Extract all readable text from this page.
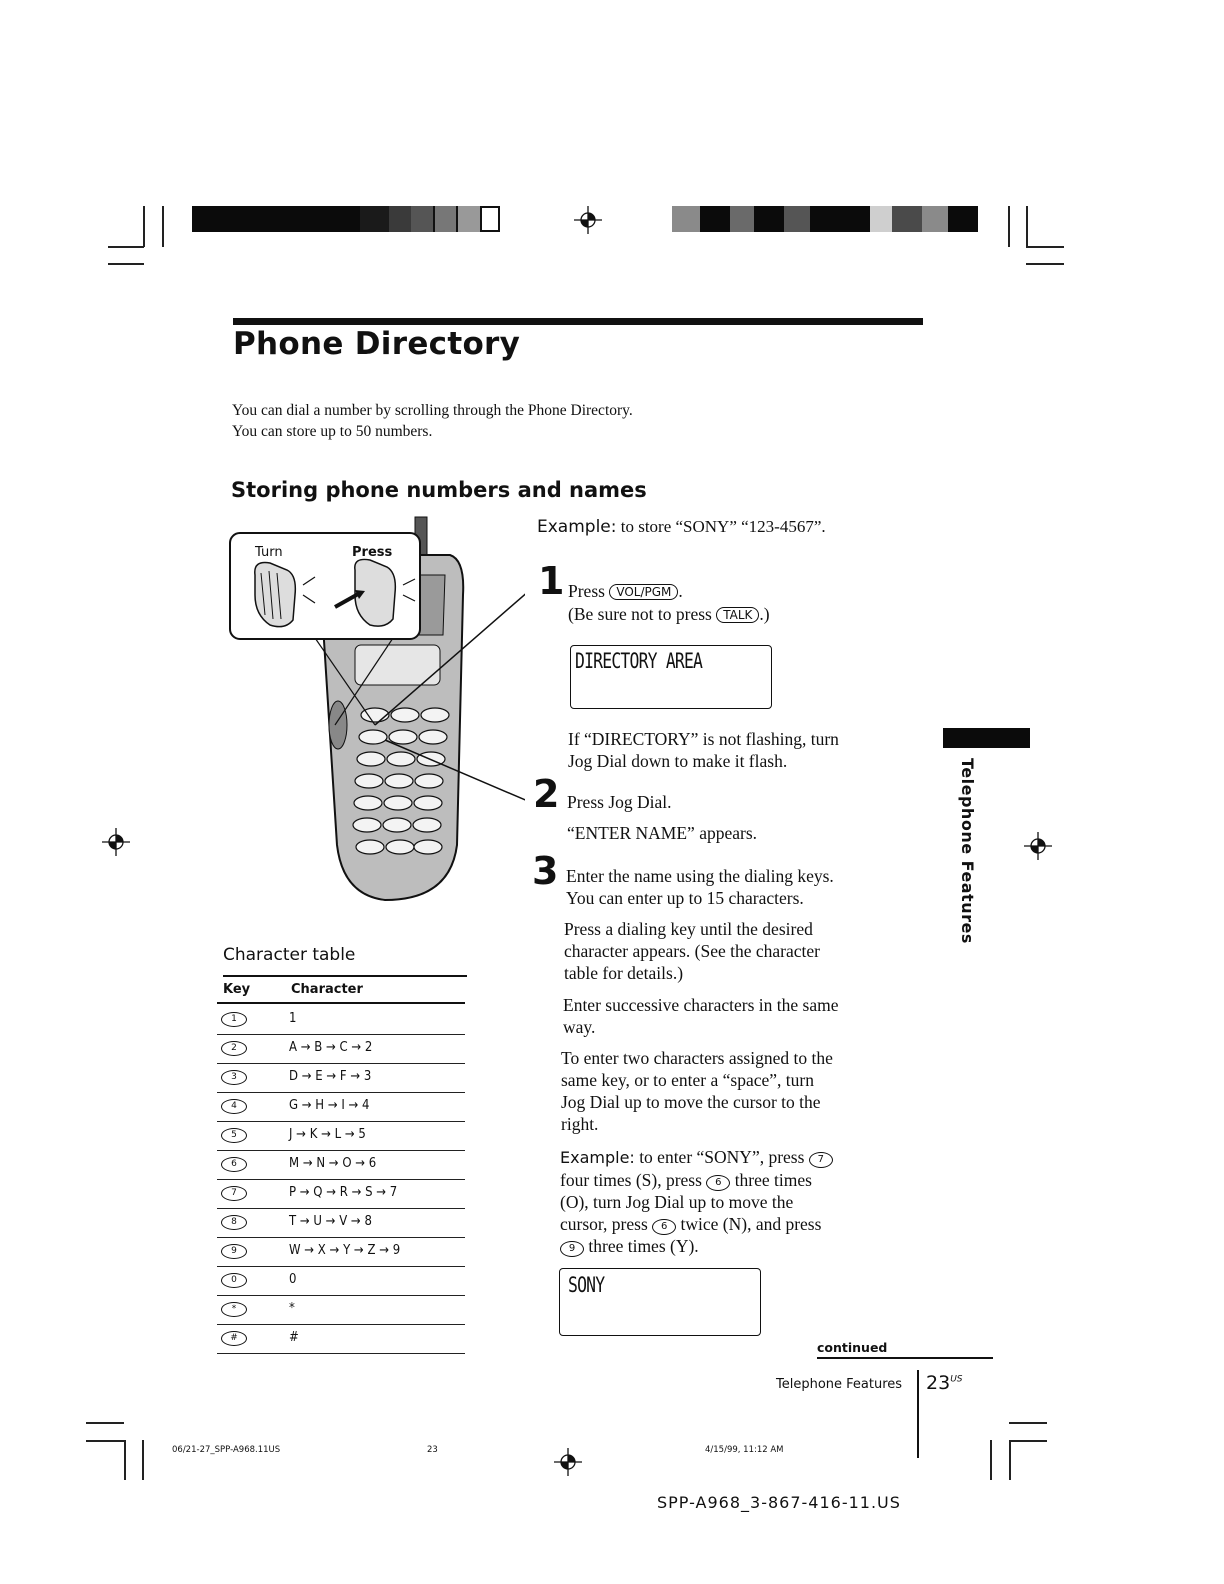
Phone Directory
You can dial a number by scrolling through the Phone Directory.
You can store up to 50 numbers.
Storing phone numbers and names
Turn	Press
Example: to store “SONY” “123-4567”.
1 Press VOL/PGM .
(Be sure not to press TALK .)
DIRECTORY AREA
If “DIRECTORY” is not flashing, turn
Jog Dial down to make it flash.
2 Press Jog Dial.
“ENTER NAME” appears.
3 Enter the name using the dialing keys.
You can enter up to 15 characters.
Press a dialing key until the desired
character appears. (See the character
table for details.)
Enter successive characters in the same
way.
To enter two characters assigned to the
same key, or to enter a “space”, turn
Jog Dial up to move the cursor to the
right.
Example: to enter “SONY”, press 7
four times (S), press 6 three times
(O), turn Jog Dial up to move the
cursor, press 6 twice (N), and press
9 three times (Y).
SONY
Telephone Features
Character table
Key	Character
1	1
2	A → B → C → 2
3	D → E → F → 3
4	G → H → I → 4
5	J → K → L → 5
6	M → N → O → 6
7	P → Q → R → S → 7
8	T → U → V → 8
9	W → X → Y → Z → 9
0	0
*	*
#	#
continued
Telephone Features $23^{US}$
06/21-27_SPP-A968.11US	23	4/15/99, 11:12 AM
SPP-A968_3-867-416-11.US
